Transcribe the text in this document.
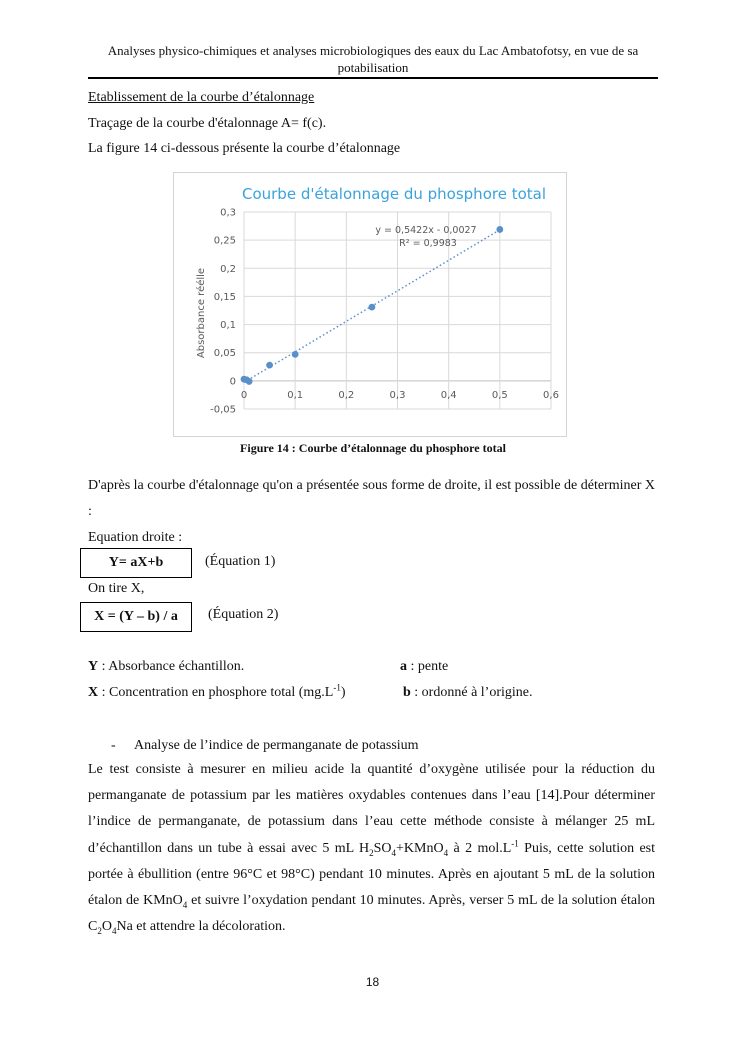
Analyses physico-chimiques et analyses microbiologiques des eaux du Lac Ambatofotsy, en vue de sa potabilisation
Etablissement de la courbe d’étalonnage
Traçage de la courbe d'étalonnage A= f(c).
La figure 14 ci-dessous présente la courbe d’étalonnage
Courbe d'étalonnage du phosphore total
-0,05
0
0,05
0,1
0,15
0,2
0,25
0,3
0	0,1	0,2	0,3	0,4	0,5	0,6
y = 0,5422x - 0,0027
R² = 0,9983
Absorbance réélle
Figure 14 : Courbe d’étalonnage du phosphore total
D'après la courbe d'étalonnage qu'on a présentée sous forme de droite, il est possible de déterminer X :
Equation droite :
Y= aX+b	(Équation 1)
On tire X,
X = (Y – b) / a	(Équation 2)
Y : Absorbance échantillon.	a : pente
X : Concentration en phosphore total $(mg.L^{-1})$	b : ordonné à l’origine.
- Analyse de l’indice de permanganate de potassium
Le test consiste à mesurer en milieu acide la quantité d’oxygène utilisée pour la réduction du permanganate de potassium par les matières oxydables contenues dans l’eau [14].Pour déterminer l’indice de permanganate, de potassium dans l’eau cette méthode consiste à mélanger 25 mL d’échantillon dans un tube à essai avec 5 mL $H_2SO_4+KMnO_4$ à 2 $mol.L^{-1}$ Puis, cette solution est portée à ébullition (entre 96°C et 98°C) pendant 10 minutes. Après en ajoutant 5 mL de la solution étalon de KMnO$_4$ et suivre l’oxydation pendant 10 minutes. Après, verser 5 mL de la solution étalon $C_2O_4Na$ et attendre la décoloration.
18
